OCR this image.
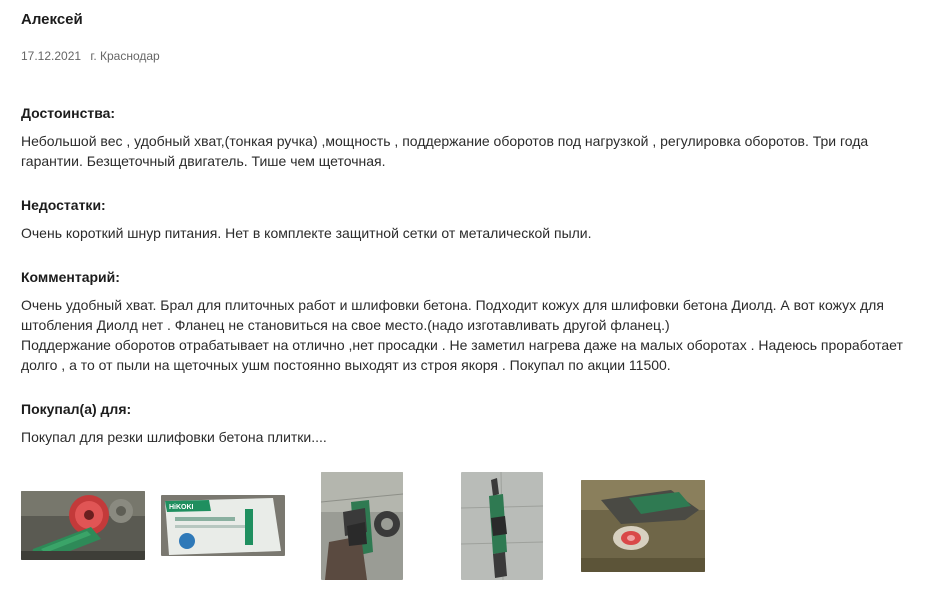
Алексей
17.12.2021 г. Краснодар
Достоинства:
Небольшой вес , удобный хват,(тонкая ручка) ,мощность , поддержание оборотов под нагрузкой , регулировка оборотов. Три года гарантии. Безщеточный двигатель. Тише чем щеточная.
Недостатки:
Очень короткий шнур питания. Нет в комплекте защитной сетки от металической пыли.
Комментарий:
Очень удобный хват. Брал для плиточных работ и шлифовки бетона. Подходит кожух для шлифовки бетона Диолд. А вот кожух для штобления Диолд нет . Фланец не становиться на свое место.(надо изготавливать другой фланец.)
Поддержание оборотов отрабатывает на отлично ,нет просадки . Не заметил нагрева даже на малых оборотах . Надеюсь проработает долго , а то от пыли на щеточных ушм постоянно выходят из строя якоря . Покупал по акции 11500.
Покупал(а) для:
Покупал для резки шлифовки бетона плитки....
HiKOKI
